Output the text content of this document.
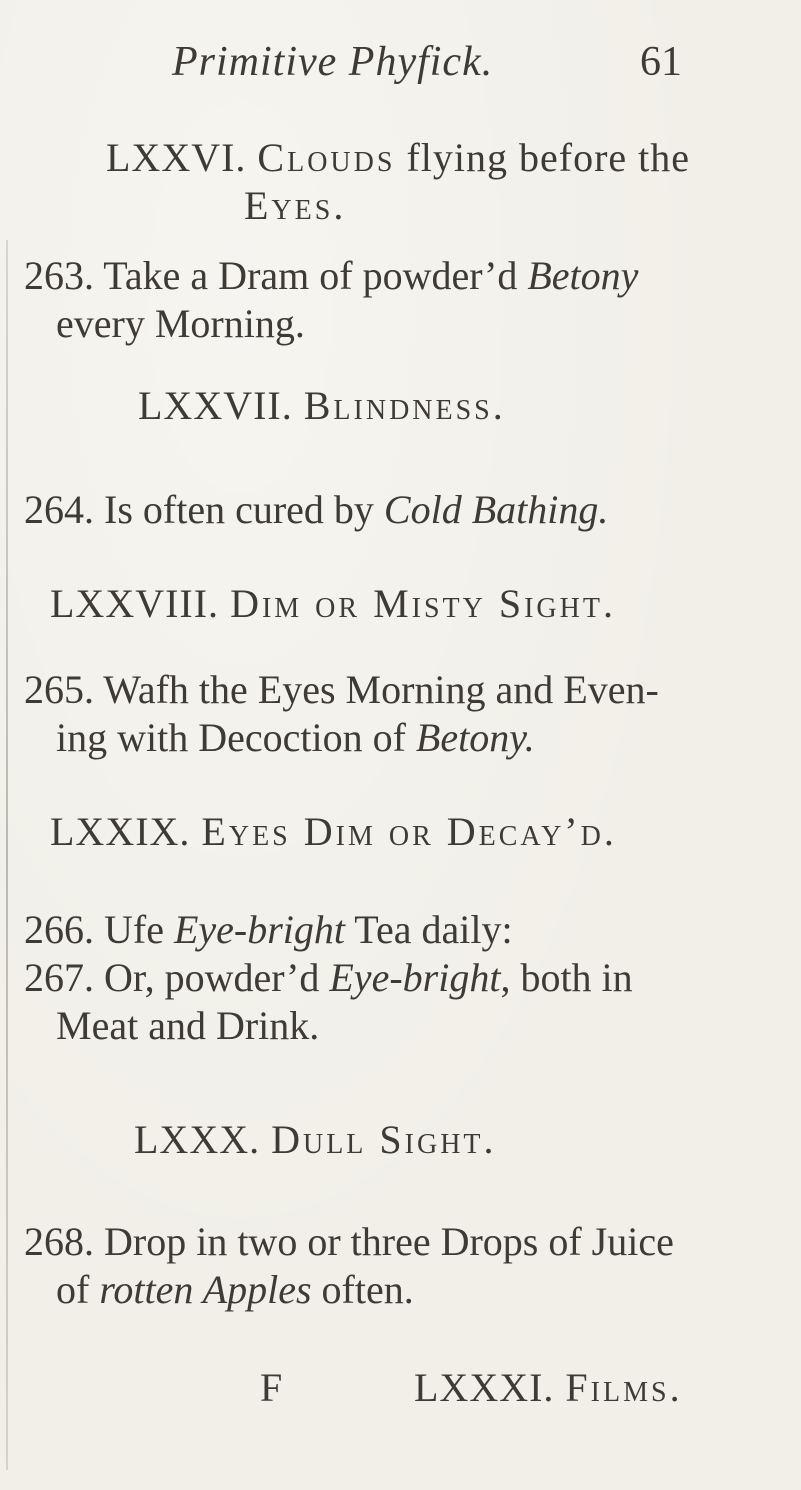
Primitive Phyfick.	61
LXXVI. Clouds flying before the
Eyes.
263. Take a Dram of powder’d Betony
every Morning.
LXXVII. Blindness.
264. Is often cured by Cold Bathing.
LXXVIII. Dim or Misty Sight.
265. Wafh the Eyes Morning and Even-
ing with Decoction of Betony.
LXXIX. Eyes Dim or Decay’d.
266. Ufe Eye-bright Tea daily:
267. Or, powder’d Eye-bright, both in
Meat and Drink.
LXXX. Dull Sight.
268. Drop in two or three Drops of Juice
of rotten Apples often.
F	LXXXI. Films.
